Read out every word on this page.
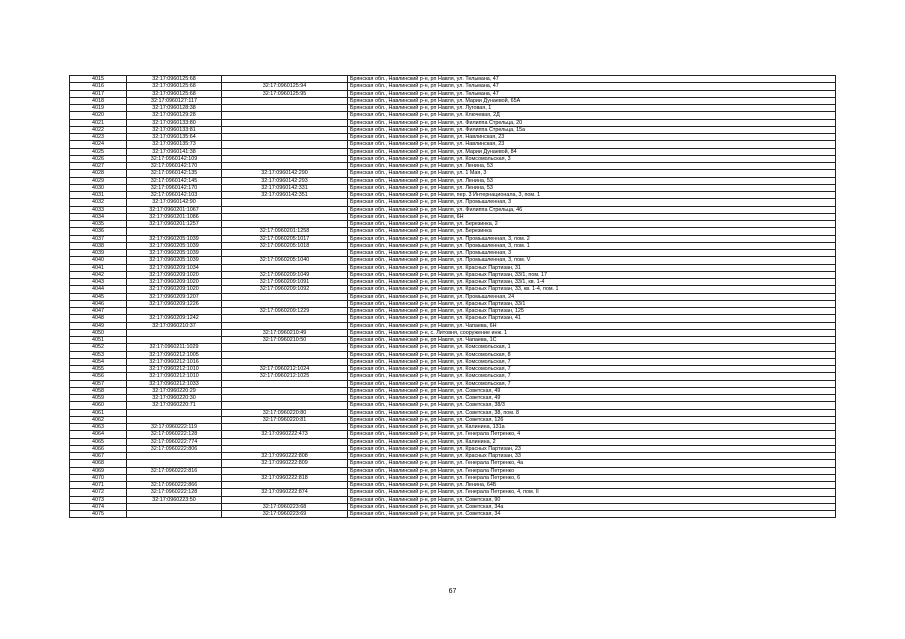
4015	32:17:0960125:68		Брянская обл., Навлинский р-н, рп Навля, ул. Тельмана, 47
4016	32:17:0960125:68	32:17:0960125:94	Брянская обл., Навлинский р-н, рп Навля, ул. Тельмана, 47
4017	32:17:0960125:68	32:17:0960125:95	Брянская обл., Навлинский р-н, рп Навля, ул. Тельмана, 47
4018	32:17:0960127:117		Брянская обл., Навлинский р-н, рп Навля, ул. Марии Дунаевой, 65А
4019	32:17:0960128:38		Брянская обл., Навлинский р-н, рп Навля, ул. Луговая, 1
4020	32:17:0960129:28		Брянская обл., Навлинский р-н, рп Навля, ул. Ключевая, 2Д
4021	32:17:0960133:80		Брянская обл., Навлинский р-н, рп Навля, ул. Филиппа Стрельца, 20
4022	32:17:0960133:81		Брянская обл., Навлинский р-н, рп Навля, ул. Филиппа Стрельца, 15а
4023	32:17:0960135:64		Брянская обл., Навлинский р-н, рп Навля, ул. Навлинская, 23
4024	32:17:0960135:73		Брянская обл., Навлинский р-н, рп Навля, ул. Навлинская, 23
4025	32:17:0960141:38		Брянская обл., Навлинский р-н, рп Навля, ул. Марии Дунаевой, 84
4026	32:17:0960142:109		Брянская обл., Навлинский р-н, рп Навля, ул. Комсомольская, 3
4027	32:17:0960142:170		Брянская обл., Навлинский р-н, рп Навля, ул. Ленина, 53
4028	32:17:0960142:135	32:17:0960142:290	Брянская обл., Навлинский р-н, рп Навля, ул. 1 Мая, 3
4029	32:17:0960142:145	32:17:0960142:293	Брянская обл., Навлинский р-н, рп Навля, ул. Ленина, 53
4030	32:17:0960142:170	32:17:0960142:331	Брянская обл., Навлинский р-н, рп Навля, ул. Ленина, 53
4031	32:17:0960142:103	32:17:0960142:351	Брянская обл., Навлинский р-н, рп Навля, пер. 3 Интернационала, 3, пом. 1
4032	32:17:0960142:90		Брянская обл., Навлинский р-н, рп Навля, ул. Промышленная, 3
4033	32:17:0960201:1067		Брянская обл., Навлинский р-н, рп Навля, ул. Филиппа Стрельца, 46
4034	32:17:0960201:1086		Брянская обл., Навлинский р-н, рп Навля, 6Н
4035	32:17:0960201:1257		Брянская обл., Навлинский р-н, рп Навля, ул. Березинка, 2
4036		32:17:0960201:1258	Брянская обл., Навлинский р-н, рп Навля, ул. Березинка
4037	32:17:0960205:1039	32:17:0960205:1017	Брянская обл., Навлинский р-н, рп Навля, ул. Промышленная, 3, пом. 2
4038	32:17:0960205:1039	32:17:0960205:1018	Брянская обл., Навлинский р-н, рп Навля, ул. Промышленная, 3, пом. 1
4039	32:17:0960205:1039		Брянская обл., Навлинский р-н, рп Навля, ул. Промышленная, 3
4040	32:17:0960205:1039	32:17:0960205:1040	Брянская обл., Навлинский р-н, рп Навля, ул. Промышленная, 3, пом. V
4041	32:17:0960209:1034		Брянская обл., Навлинский р-н, рп Навля, ул. Красных Партизан, 31
4042	32:17:0960209:1020	32:17:0960209:1049	Брянская обл., Навлинский р-н, рп Навля, ул. Красных Партизан, 33/1, пом. 17
4043	32:17:0960209:1020	32:17:0960209:1091	Брянская обл., Навлинский р-н, рп Навля, ул. Красных Партизан, 33/1, кв. 1-4
4044	32:17:0960209:1020	32:17:0960209:1092	Брянская обл., Навлинский р-н, рп Навля, ул. Красных Партизан, 33, кв. 1-4, пом. 1
4045	32:17:0960209:1207		Брянская обл., Навлинский р-н, рп Навля, ул. Промышленная, 24
4046	32:17:0960209:1226		Брянская обл., Навлинский р-н, рп Навля, ул. Красных Партизан, 33/1
4047		32:17:0960209:1229	Брянская обл., Навлинский р-н, рп Навля, ул. Красных Партизан, 125
4048	32:17:0960209:1242		Брянская обл., Навлинский р-н, рп Навля, ул. Красных Партизан, 41
4049	32:17:0960210:37		Брянская обл., Навлинский р-н, рп Навля, ул. Чапаева, 6Н
4050		32:17:0960210:49	Брянская обл., Навлинский р-н, с. Литовня, сооружение инж. 1
4051		32:17:0960210:50	Брянская обл., Навлинский р-н, рп Навля, ул. Чапаева, 1С
4052	32:17:0960211:1029		Брянская обл., Навлинский р-н, рп Навля, ул. Комсомольская, 1
4053	32:17:0960212:1005		Брянская обл., Навлинский р-н, рп Навля, ул. Комсомольская, 8
4054	32:17:0960212:1016		Брянская обл., Навлинский р-н, рп Навля, ул. Комсомольская, 7
4055	32:17:0960212:1010	32:17:0960212:1024	Брянская обл., Навлинский р-н, рп Навля, ул. Комсомольская, 7
4056	32:17:0960212:1010	32:17:0960212:1025	Брянская обл., Навлинский р-н, рп Навля, ул. Комсомольская, 7
4057	32:17:0960212:1033		Брянская обл., Навлинский р-н, рп Навля, ул. Комсомольская, 7
4058	32:17:0960220:29		Брянская обл., Навлинский р-н, рп Навля, ул. Советская, 49
4059	32:17:0960220:30		Брянская обл., Навлинский р-н, рп Навля, ул. Советская, 49
4060	32:17:0960220:71		Брянская обл., Навлинский р-н, рп Навля, ул. Советская, 38/3
4061		32:17:0960220:80	Брянская обл., Навлинский р-н, рп Навля, ул. Советская, 38, пом. 8
4062		32:17:0960220:81	Брянская обл., Навлинский р-н, рп Навля, ул. Советская, 126
4063	32:17:0960222:119		Брянская обл., Навлинский р-н, рп Навля, ул. Калинина, 131а
4064	32:17:0960222:128	32:17:0960222:473	Брянская обл., Навлинский р-н, рп Навля, ул. Генерала Петренко, 4
4065	32:17:0960222:774		Брянская обл., Навлинский р-н, рп Навля, ул. Калинина, 2
4066	32:17:0960222:806		Брянская обл., Навлинский р-н, рп Навля, ул. Красных Партизан, 23
4067		32:17:0960222:808	Брянская обл., Навлинский р-н, рп Навля, ул. Красных Партизан, 33
4068		32:17:0960222:809	Брянская обл., Навлинский р-н, рп Навля, ул. Генерала Петренко, 4а
4069	32:17:0960222:816		Брянская обл., Навлинский р-н, рп Навля, ул. Генерала Петренко
4070		32:17:0960222:818	Брянская обл., Навлинский р-н, рп Навля, ул. Генерала Петренко, 6
4071	32:17:0960222:866		Брянская обл., Навлинский р-н, рп Навля, ул. Ленина, 64Б
4072	32:17:0960222:128	32:17:0960222:874	Брянская обл., Навлинский р-н, рп Навля, ул. Генерала Петренко, 4, пом. II
4073	32:17:0960223:50		Брянская обл., Навлинский р-н, рп Навля, ул. Советская, 90
4074		32:17:0960223:68	Брянская обл., Навлинский р-н, рп Навля, ул. Советская, 34а
4075		32:17:0960223:69	Брянская обл., Навлинский р-н, рп Навля, ул. Советская, 34
67
